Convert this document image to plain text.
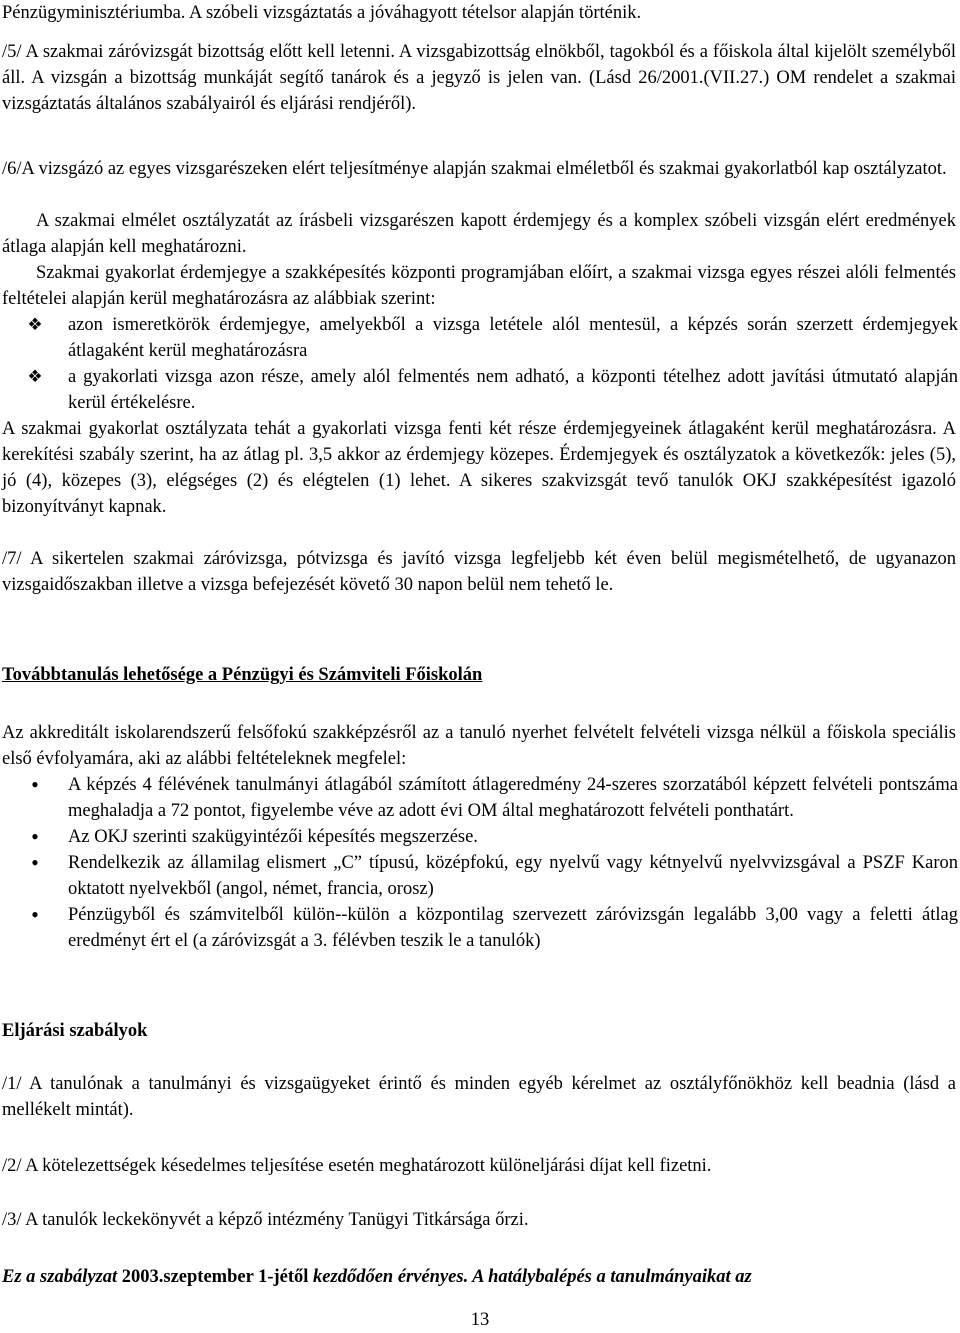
Pénzügyminisztériumba. A szóbeli vizsgáztatás a jóváhagyott tételsor alapján történik.

/5/ A szakmai záróvizsgát bizottság előtt kell letenni. A vizsgabizottság elnökből, tagokból és a főiskola által kijelölt személyből áll. A vizsgán a bizottság munkáját segítő tanárok és a jegyző is jelen van. (Lásd 26/2001.(VII.27.) OM rendelet a szakmai vizsgáztatás általános szabályairól és eljárási rendjéről).

/6/A vizsgázó az egyes vizsgarészeken elért teljesítménye alapján szakmai elméletből és szakmai gyakorlatból kap osztályzatot.

A szakmai elmélet osztályzatát az írásbeli vizsgarészen kapott érdemjegy és a komplex szóbeli vizsgán elért eredmények átlaga alapján kell meghatározni.

Szakmai gyakorlat érdemjegye a szakképesítés központi programjában előírt, a szakmai vizsga egyes részei alóli felmentés feltételei alapján kerül meghatározásra az alábbiak szerint:

❖	azon ismeretkörök érdemjegye, amelyekből a vizsga letétele alól mentesül, a képzés során szerzett érdemjegyek átlagaként kerül meghatározásra
❖	a gyakorlati vizsga azon része, amely alól felmentés nem adható, a központi tételhez adott javítási útmutató alapján kerül értékelésre.

A szakmai gyakorlat osztályzata tehát a gyakorlati vizsga fenti két része érdemjegyeinek átlagaként kerül meghatározásra. A kerekítési szabály szerint, ha az átlag pl. 3,5 akkor az érdemjegy közepes. Érdemjegyek és osztályzatok a következők: jeles (5), jó (4), közepes (3), elégséges (2) és elégtelen (1) lehet. A sikeres szakvizsgát tevő tanulók OKJ szakképesítést igazoló bizonyítványt kapnak.

/7/ A sikertelen szakmai záróvizsga, pótvizsga és javító vizsga legfeljebb két éven belül megismételhető, de ugyanazon vizsgaidőszakban illetve a vizsga befejezését követő 30 napon belül nem tehető le.

Továbbtanulás lehetősége a Pénzügyi és Számviteli Főiskolán

Az akkreditált iskolarendszerű felsőfokú szakképzésről az a tanuló nyerhet felvételt felvételi vizsga nélkül a főiskola speciális első évfolyamára, aki az alábbi feltételeknek megfelel:

•	A képzés 4 félévének tanulmányi átlagából számított átlageredmény 24-szeres szorzatából képzett felvételi pontszáma meghaladja a 72 pontot, figyelembe véve az adott évi OM által meghatározott felvételi ponthatárt.
•	Az OKJ szerinti szakügyintézői képesítés megszerzése.
•	Rendelkezik az államilag elismert „C” típusú, középfokú, egy nyelvű vagy kétnyelvű nyelvvizsgával a PSZF Karon oktatott nyelvekből (angol, német, francia, orosz)
•	Pénzügyből és számvitelből külön--külön a központilag szervezett záróvizsgán legalább 3,00 vagy a feletti átlag eredményt ért el (a záróvizsgát a 3. félévben teszik le a tanulók)

Eljárási szabályok

/1/ A tanulónak a tanulmányi és vizsgaügyeket érintő és minden egyéb kérelmet az osztályfőnökhöz kell beadnia (lásd a mellékelt mintát).

/2/ A kötelezettségek késedelmes teljesítése esetén meghatározott különeljárási díjat kell fizetni.

/3/ A tanulók leckekönyvét a képző intézmény Tanügyi Titkársága őrzi.

Ez a szabályzat 2003.szeptember 1-jétől kezdődően érvényes. A hatálybalépés a tanulmányaikat az

13
